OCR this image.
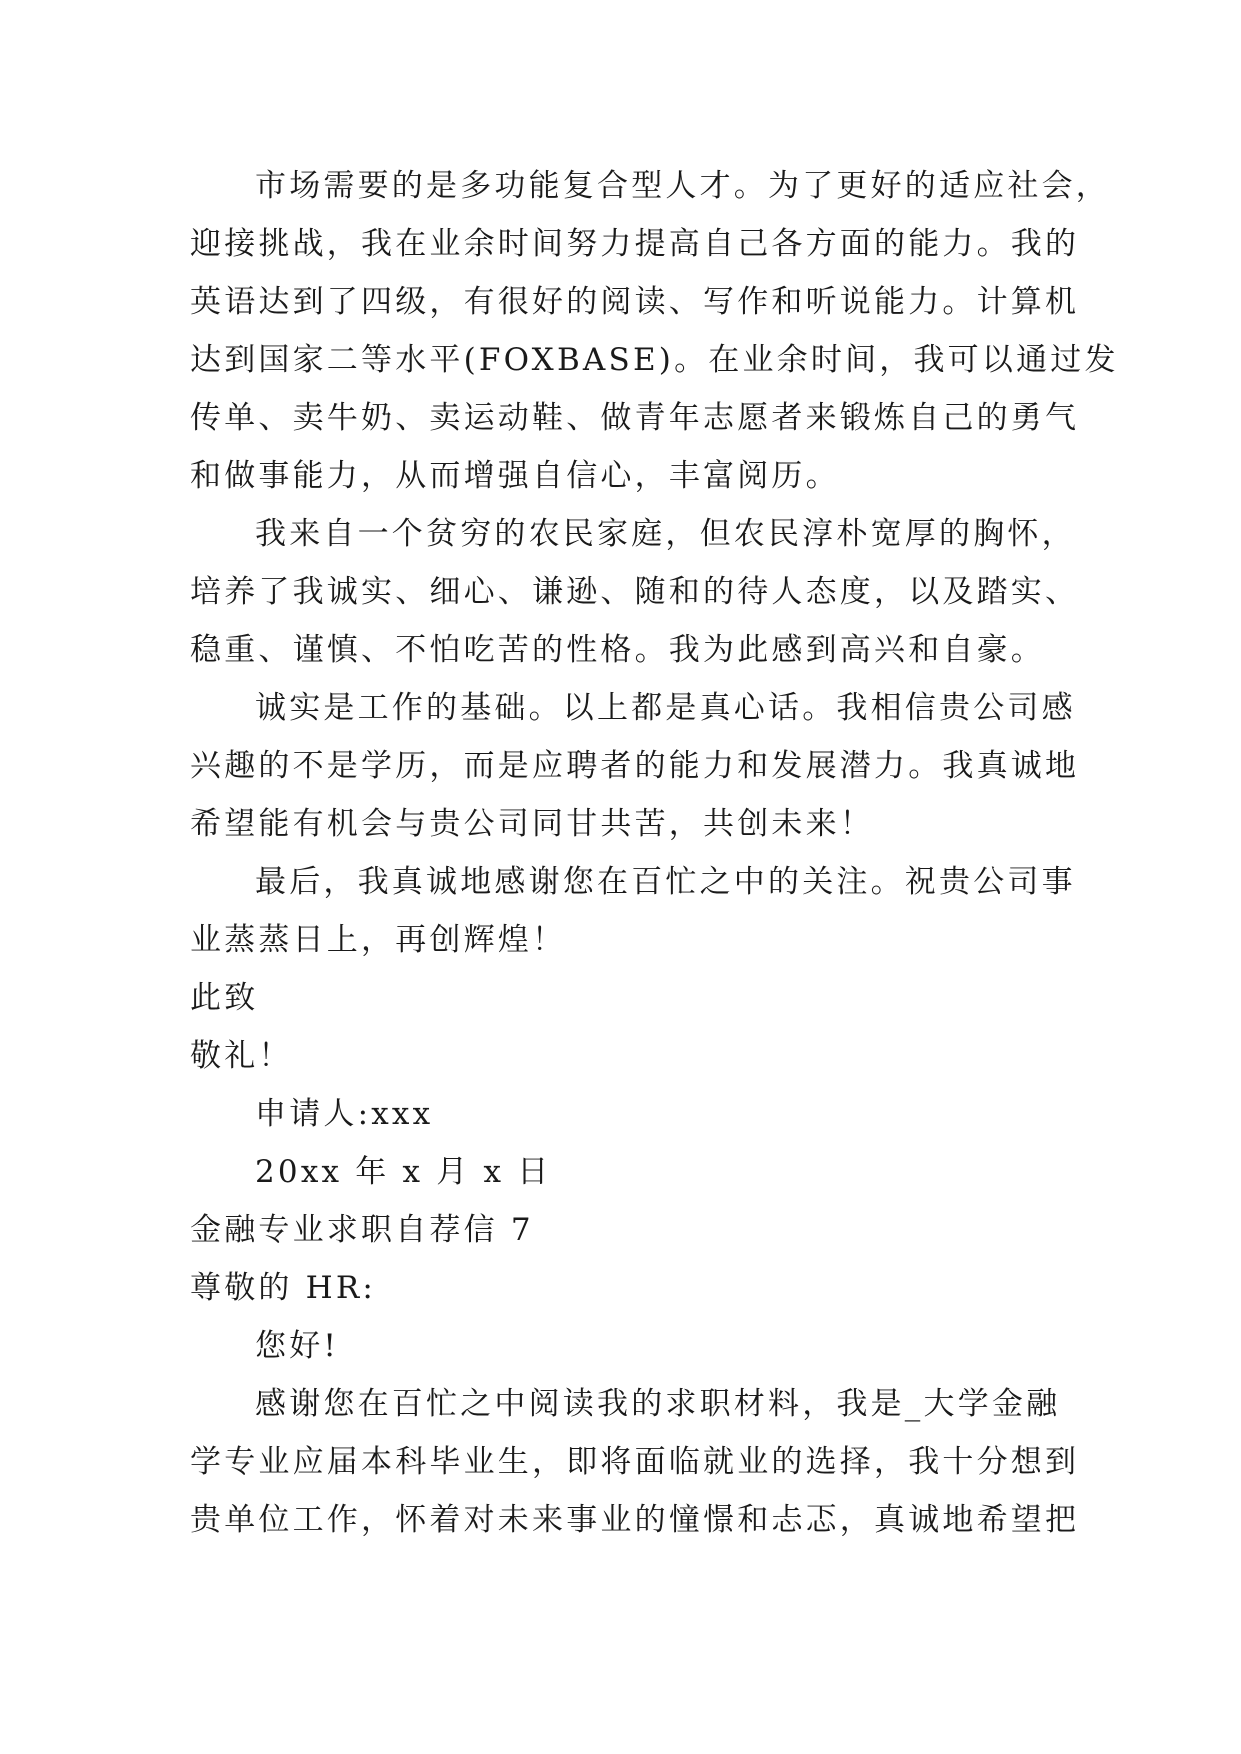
市场需要的是多功能复合型人才。为了更好的适应社会，

迎接挑战，我在业余时间努力提高自己各方面的能力。我的

英语达到了四级，有很好的阅读、写作和听说能力。计算机

达到国家二等水平(FOXBASE)。在业余时间，我可以通过发

传单、卖牛奶、卖运动鞋、做青年志愿者来锻炼自己的勇气

和做事能力，从而增强自信心，丰富阅历。

我来自一个贫穷的农民家庭，但农民淳朴宽厚的胸怀，

培养了我诚实、细心、谦逊、随和的待人态度，以及踏实、

稳重、谨慎、不怕吃苦的性格。我为此感到高兴和自豪。

诚实是工作的基础。以上都是真心话。我相信贵公司感

兴趣的不是学历，而是应聘者的能力和发展潜力。我真诚地

希望能有机会与贵公司同甘共苦，共创未来！

最后，我真诚地感谢您在百忙之中的关注。祝贵公司事

业蒸蒸日上，再创辉煌！

此致

敬礼！

申请人:xxx

20xx 年 x 月 x 日

金融专业求职自荐信 7

尊敬的 HR:

您好!

感谢您在百忙之中阅读我的求职材料，我是_大学金融

学专业应届本科毕业生，即将面临就业的选择，我十分想到

贵单位工作，怀着对未来事业的憧憬和忐忑，真诚地希望把
